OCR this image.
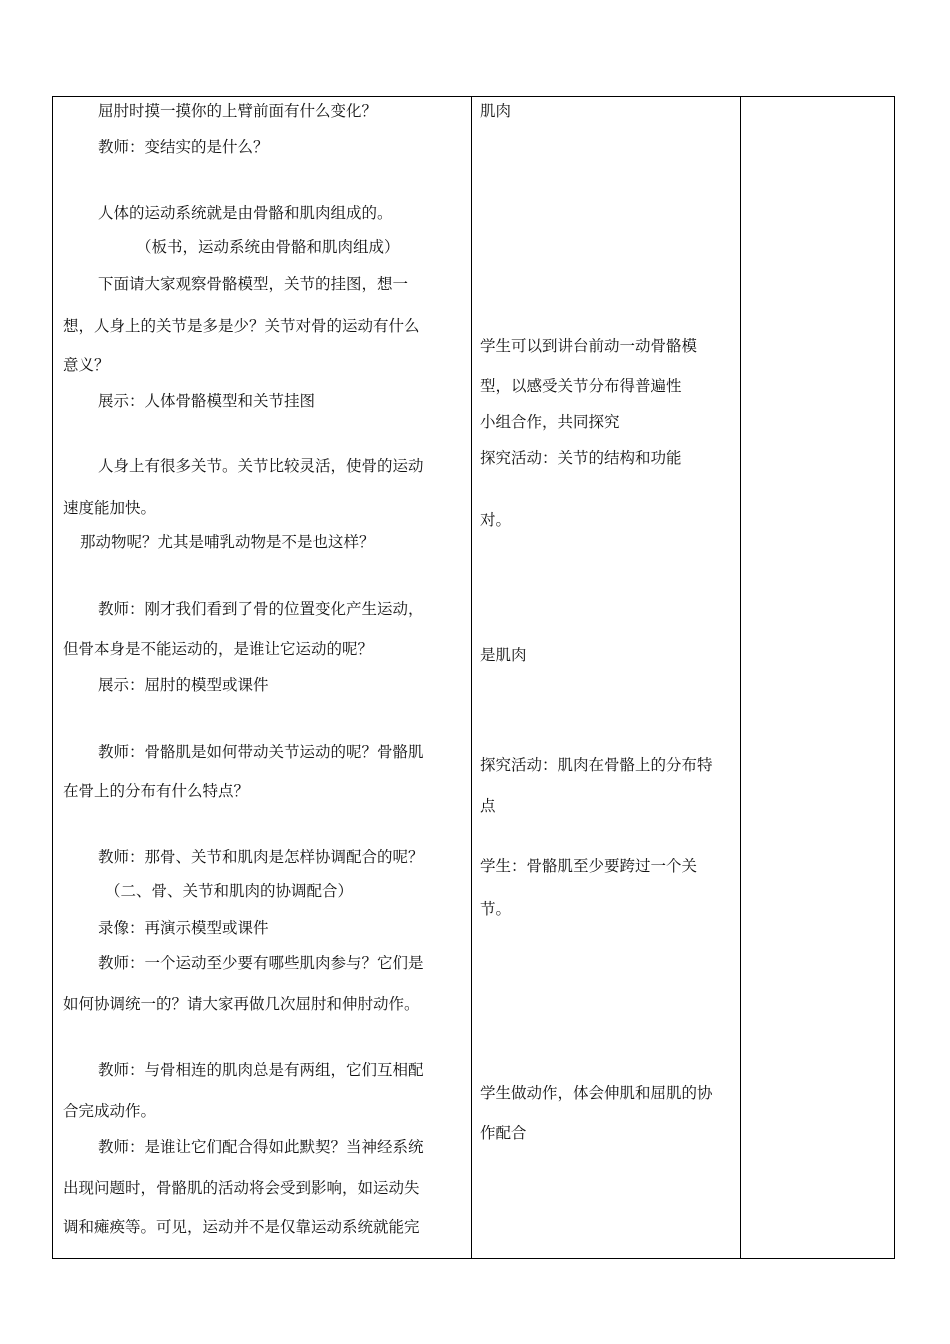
屈肘时摸一摸你的上臂前面有什么变化？
教师：变结实的是什么？
人体的运动系统就是由骨骼和肌肉组成的。
（板书，运动系统由骨骼和肌肉组成）
下面请大家观察骨骼模型，关节的挂图，想一
想，人身上的关节是多是少？关节对骨的运动有什么
意义？
展示：人体骨骼模型和关节挂图
人身上有很多关节。关节比较灵活，使骨的运动
速度能加快。
那动物呢？尤其是哺乳动物是不是也这样？
教师：刚才我们看到了骨的位置变化产生运动，
但骨本身是不能运动的，是谁让它运动的呢？
展示：屈肘的模型或课件
教师：骨骼肌是如何带动关节运动的呢？骨骼肌
在骨上的分布有什么特点？
教师：那骨、关节和肌肉是怎样协调配合的呢？
（二、骨、关节和肌肉的协调配合）
录像：再演示模型或课件
教师：一个运动至少要有哪些肌肉参与？它们是
如何协调统一的？请大家再做几次屈肘和伸肘动作。
教师：与骨相连的肌肉总是有两组，它们互相配
合完成动作。
教师：是谁让它们配合得如此默契？当神经系统
出现问题时，骨骼肌的活动将会受到影响，如运动失
调和瘫痪等。可见，运动并不是仅靠运动系统就能完
肌肉
学生可以到讲台前动一动骨骼模
型，以感受关节分布得普遍性
小组合作，共同探究
探究活动：关节的结构和功能
对。
是肌肉
探究活动：肌肉在骨骼上的分布特
点
学生：骨骼肌至少要跨过一个关
节。
学生做动作，体会伸肌和屈肌的协
作配合
